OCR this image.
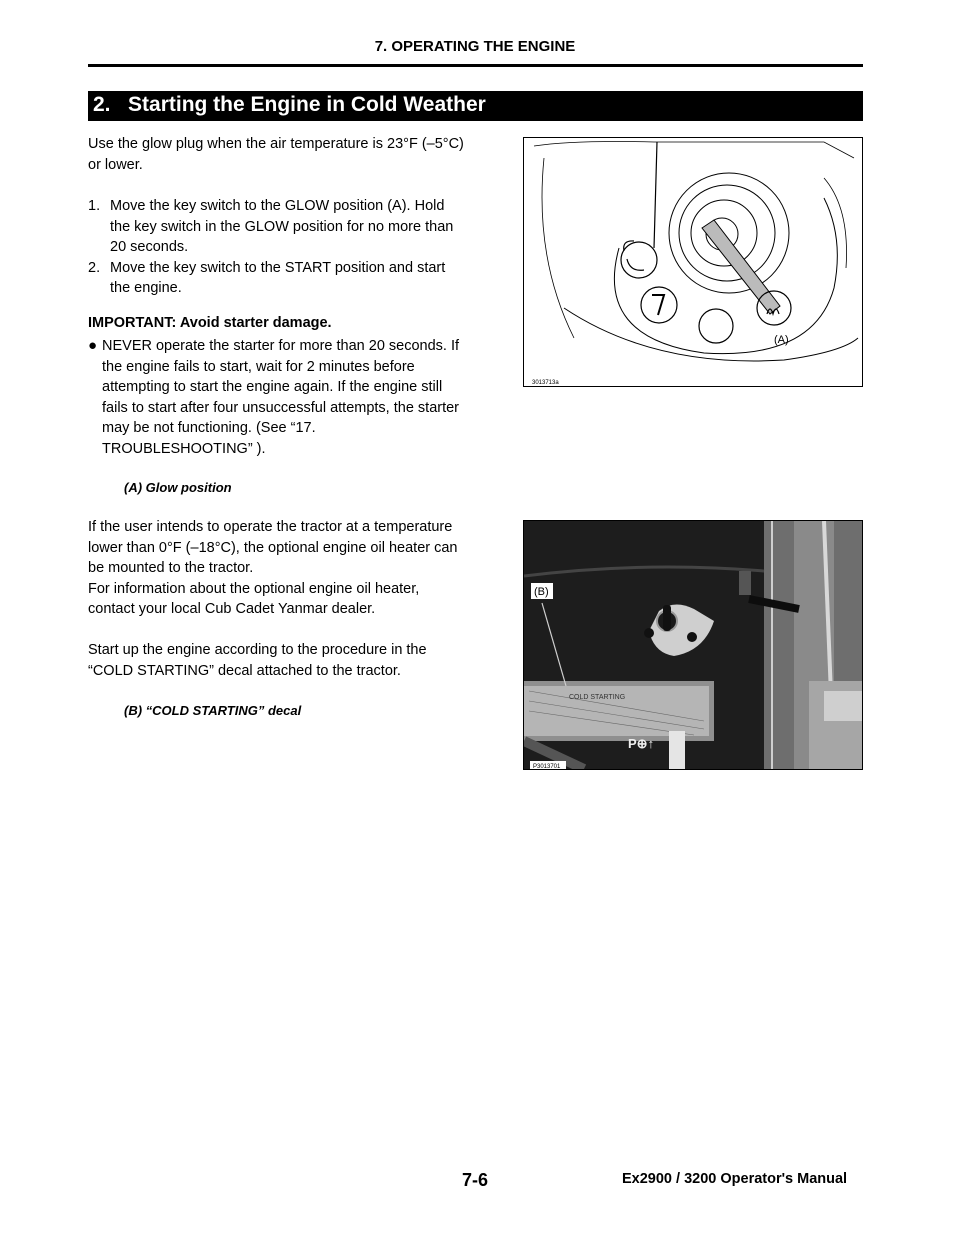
7. OPERATING THE ENGINE
2.   Starting the Engine in Cold Weather
Use the glow plug when the air temperature is 23°F (–5°C)
or lower.
1. Move the key switch to the GLOW position (A). Hold
the key switch in the GLOW position for no more than
20 seconds.
2. Move the key switch to the START position and start
the engine.
IMPORTANT: Avoid starter damage.
● NEVER operate the starter for more than 20 seconds. If
the engine fails to start, wait for 2 minutes before
attempting to start the engine again. If the engine still
fails to start after four unsuccessful attempts, the starter
may be not functioning. (See “17.
TROUBLESHOOTING” ).
(A) Glow position
If the user intends to operate the tractor at a temperature
lower than 0°F (–18°C), the optional engine oil heater can
be mounted to the tractor.
For information about the optional engine oil heater,
contact your local Cub Cadet Yanmar dealer.
Start up the engine according to the procedure in the
“COLD STARTING” decal attached to the tractor.
(B) “COLD STARTING” decal
(A)
3013713a
COLD STARTING
P⊕↑
(B)
P3013701
7-6	Ex2900 / 3200 Operator's Manual
